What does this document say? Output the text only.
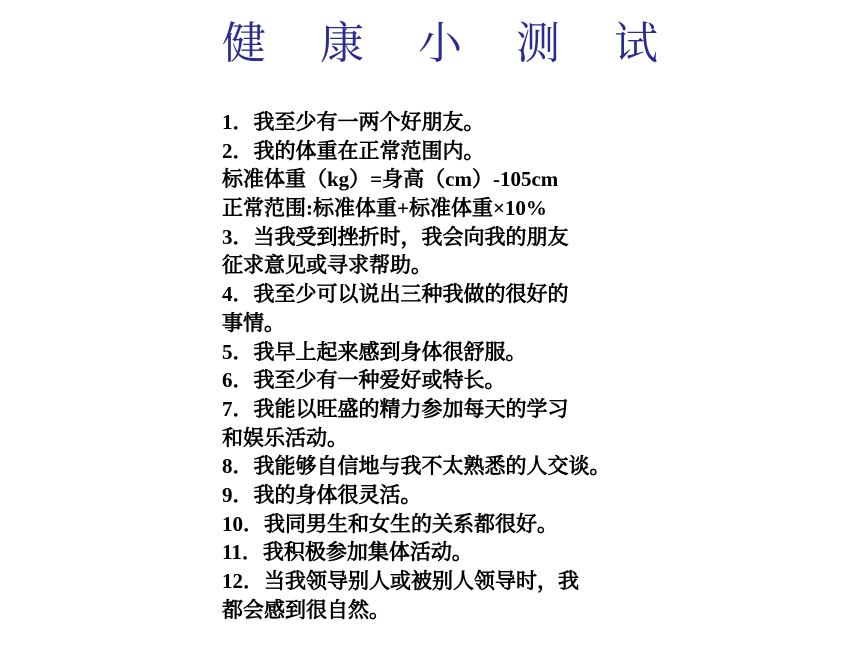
健 康 小 测 试
1．我至少有一两个好朋友。
2．我的体重在正常范围内。
标准体重（kg）=身高（cm）-105cm
正常范围:标准体重+标准体重×10%
3．当我受到挫折时，我会向我的朋友
征求意见或寻求帮助。
4．我至少可以说出三种我做的很好的
事情。
5．我早上起来感到身体很舒服。
6．我至少有一种爱好或特长。
7．我能以旺盛的精力参加每天的学习
和娱乐活动。
8．我能够自信地与我不太熟悉的人交谈。
9．我的身体很灵活。
10．我同男生和女生的关系都很好。
11．我积极参加集体活动。
12．当我领导别人或被别人领导时，我
都会感到很自然。
